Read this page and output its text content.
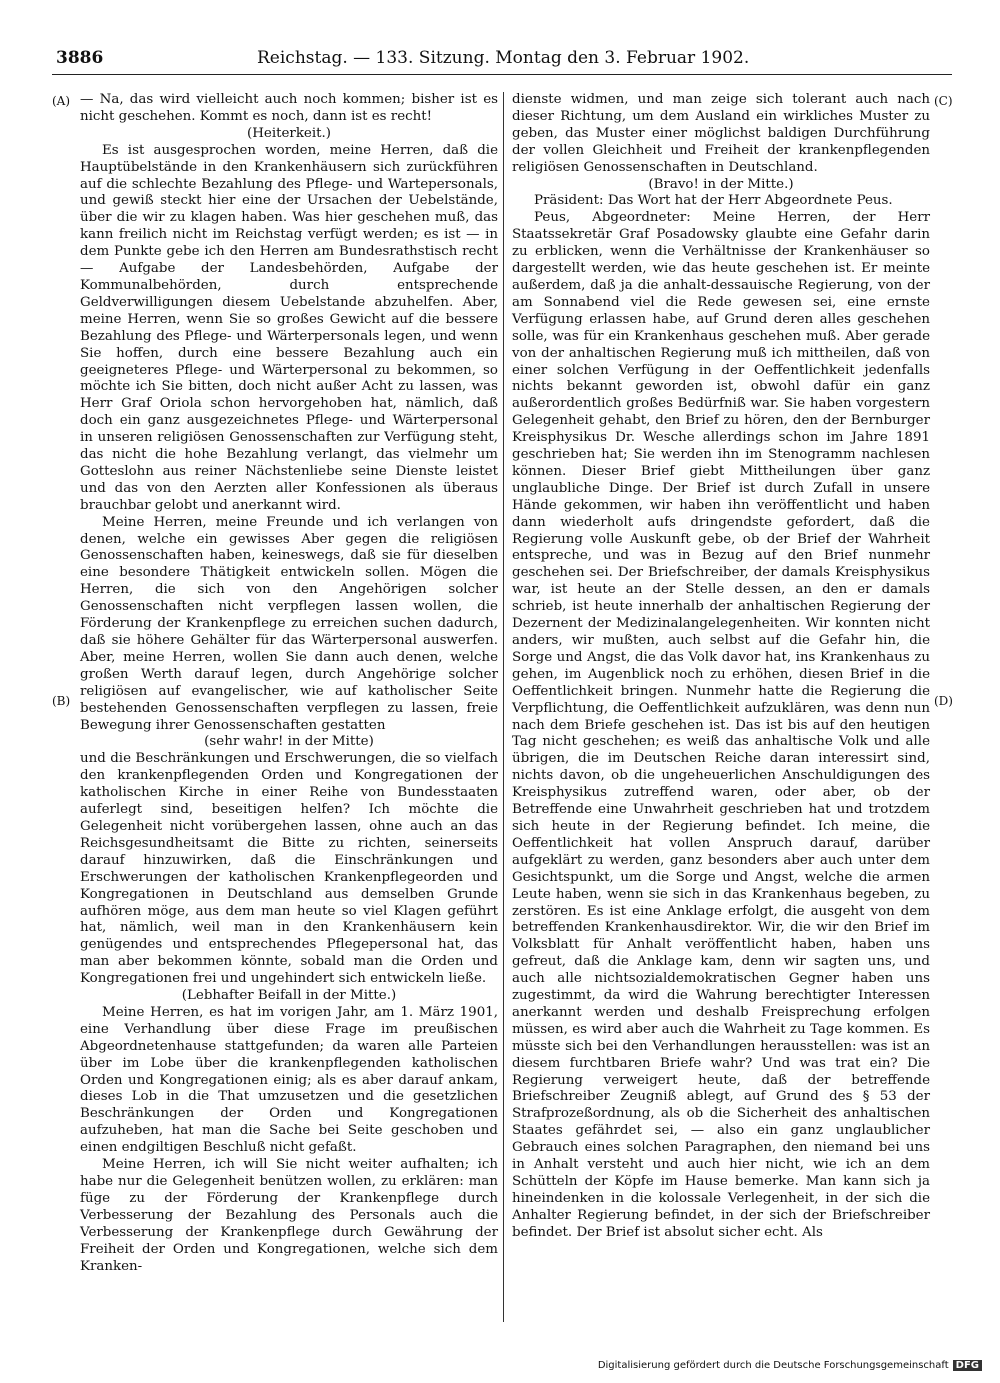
3886	Reichstag. — 133. Sitzung. Montag den 3. Februar 1902.
(A)
(B)
(C)
(D)

— Na, das wird vielleicht auch noch kommen; bisher ist es nicht geschehen. Kommt es noch, dann ist es recht!

(Heiterkeit.)

Es ist ausgesprochen worden, meine Herren, daß die Hauptübelstände in den Krankenhäusern sich zurückführen auf die schlechte Bezahlung des Pflege- und Wartepersonals, und gewiß steckt hier eine der Ursachen der Uebelstände, über die wir zu klagen haben. Was hier geschehen muß, das kann freilich nicht im Reichstag verfügt werden; es ist — in dem Punkte gebe ich den Herren am Bundesrathstisch recht — Aufgabe der Landesbehörden, Aufgabe der Kommunalbehörden, durch entsprechende Geldverwilligungen diesem Uebelstande abzuhelfen. Aber, meine Herren, wenn Sie so großes Gewicht auf die bessere Bezahlung des Pflege- und Wärterpersonals legen, und wenn Sie hoffen, durch eine bessere Bezahlung auch ein geeigneteres Pflege- und Wärterpersonal zu bekommen, so möchte ich Sie bitten, doch nicht außer Acht zu lassen, was Herr Graf Oriola schon hervorgehoben hat, nämlich, daß doch ein ganz ausgezeichnetes Pflege- und Wärterpersonal in unseren religiösen Genossenschaften zur Verfügung steht, das nicht die hohe Bezahlung verlangt, das vielmehr um Gotteslohn aus reiner Nächstenliebe seine Dienste leistet und das von den Aerzten aller Konfessionen als überaus brauchbar gelobt und anerkannt wird.

Meine Herren, meine Freunde und ich verlangen von denen, welche ein gewisses Aber gegen die religiösen Genossenschaften haben, keineswegs, daß sie für dieselben eine besondere Thätigkeit entwickeln sollen. Mögen die Herren, die sich von den Angehörigen solcher Genossenschaften nicht verpflegen lassen wollen, die Förderung der Krankenpflege zu erreichen suchen dadurch, daß sie höhere Gehälter für das Wärterpersonal auswerfen. Aber, meine Herren, wollen Sie dann auch denen, welche großen Werth darauf legen, durch Angehörige solcher religiösen auf evangelischer, wie auf katholischer Seite bestehenden Genossenschaften verpflegen zu lassen, freie Bewegung ihrer Genossenschaften gestatten

(sehr wahr! in der Mitte)

und die Beschränkungen und Erschwerungen, die so vielfach den krankenpflegenden Orden und Kongregationen der katholischen Kirche in einer Reihe von Bundesstaaten auferlegt sind, beseitigen helfen? Ich möchte die Gelegenheit nicht vorübergehen lassen, ohne auch an das Reichsgesundheitsamt die Bitte zu richten, seinerseits darauf hinzuwirken, daß die Einschränkungen und Erschwerungen der katholischen Krankenpflegeorden und Kongregationen in Deutschland aus demselben Grunde aufhören möge, aus dem man heute so viel Klagen geführt hat, nämlich, weil man in den Krankenhäusern kein genügendes und entsprechendes Pflegepersonal hat, das man aber bekommen könnte, sobald man die Orden und Kongregationen frei und ungehindert sich entwickeln ließe.

(Lebhafter Beifall in der Mitte.)

Meine Herren, es hat im vorigen Jahr, am 1. März 1901, eine Verhandlung über diese Frage im preußischen Abgeordnetenhause stattgefunden; da waren alle Parteien über im Lobe über die krankenpflegenden katholischen Orden und Kongregationen einig; als es aber darauf ankam, dieses Lob in die That umzusetzen und die gesetzlichen Beschränkungen der Orden und Kongregationen aufzuheben, hat man die Sache bei Seite geschoben und einen endgiltigen Beschluß nicht gefaßt.

Meine Herren, ich will Sie nicht weiter aufhalten; ich habe nur die Gelegenheit benützen wollen, zu erklären: man füge zu der Förderung der Krankenpflege durch Verbesserung der Bezahlung des Personals auch die Verbesserung der Krankenpflege durch Gewährung der Freiheit der Orden und Kongregationen, welche sich dem Kranken-

dienste widmen, und man zeige sich tolerant auch nach dieser Richtung, um dem Ausland ein wirkliches Muster zu geben, das Muster einer möglichst baldigen Durchführung der vollen Gleichheit und Freiheit der krankenpflegenden religiösen Genossenschaften in Deutschland.

(Bravo! in der Mitte.)

Präsident: Das Wort hat der Herr Abgeordnete Peus.

Peus, Abgeordneter: Meine Herren, der Herr Staatssekretär Graf Posadowsky glaubte eine Gefahr darin zu erblicken, wenn die Verhältnisse der Krankenhäuser so dargestellt werden, wie das heute geschehen ist. Er meinte außerdem, daß ja die anhalt-dessauische Regierung, von der am Sonnabend viel die Rede gewesen sei, eine ernste Verfügung erlassen habe, auf Grund deren alles geschehen solle, was für ein Krankenhaus geschehen muß. Aber gerade von der anhaltischen Regierung muß ich mittheilen, daß von einer solchen Verfügung in der Oeffentlichkeit jedenfalls nichts bekannt geworden ist, obwohl dafür ein ganz außerordentlich großes Bedürfniß war. Sie haben vorgestern Gelegenheit gehabt, den Brief zu hören, den der Bernburger Kreisphysikus Dr. Wesche allerdings schon im Jahre 1891 geschrieben hat; Sie werden ihn im Stenogramm nachlesen können. Dieser Brief giebt Mittheilungen über ganz unglaubliche Dinge. Der Brief ist durch Zufall in unsere Hände gekommen, wir haben ihn veröffentlicht und haben dann wiederholt aufs dringendste gefordert, daß die Regierung volle Auskunft gebe, ob der Brief der Wahrheit entspreche, und was in Bezug auf den Brief nunmehr geschehen sei. Der Briefschreiber, der damals Kreisphysikus war, ist heute an der Stelle dessen, an den er damals schrieb, ist heute innerhalb der anhaltischen Regierung der Dezernent der Medizinalangelegenheiten. Wir konnten nicht anders, wir mußten, auch selbst auf die Gefahr hin, die Sorge und Angst, die das Volk davor hat, ins Krankenhaus zu gehen, im Augenblick noch zu erhöhen, diesen Brief in die Oeffentlichkeit bringen. Nunmehr hatte die Regierung die Verpflichtung, die Oeffentlichkeit aufzuklären, was denn nun nach dem Briefe geschehen ist. Das ist bis auf den heutigen Tag nicht geschehen; es weiß das anhaltische Volk und alle übrigen, die im Deutschen Reiche daran interessirt sind, nichts davon, ob die ungeheuerlichen Anschuldigungen des Kreisphysikus zutreffend waren, oder aber, ob der Betreffende eine Unwahrheit geschrieben hat und trotzdem sich heute in der Regierung befindet. Ich meine, die Oeffentlichkeit hat vollen Anspruch darauf, darüber aufgeklärt zu werden, ganz besonders aber auch unter dem Gesichtspunkt, um die Sorge und Angst, welche die armen Leute haben, wenn sie sich in das Krankenhaus begeben, zu zerstören. Es ist eine Anklage erfolgt, die ausgeht von dem betreffenden Krankenhausdirektor. Wir, die wir den Brief im Volksblatt für Anhalt veröffentlicht haben, haben uns gefreut, daß die Anklage kam, denn wir sagten uns, und auch alle nichtsozialdemokratischen Gegner haben uns zugestimmt, da wird die Wahrung berechtigter Interessen anerkannt werden und deshalb Freisprechung erfolgen müssen, es wird aber auch die Wahrheit zu Tage kommen. Es müsste sich bei den Verhandlungen herausstellen: was ist an diesem furchtbaren Briefe wahr? Und was trat ein? Die Regierung verweigert heute, daß der betreffende Briefschreiber Zeugniß ablegt, auf Grund des § 53 der Strafprozeßordnung, als ob die Sicherheit des anhaltischen Staates gefährdet sei, — also ein ganz unglaublicher Gebrauch eines solchen Paragraphen, den niemand bei uns in Anhalt versteht und auch hier nicht, wie ich an dem Schütteln der Köpfe im Hause bemerke. Man kann sich ja hineindenken in die kolossale Verlegenheit, in der sich die Anhalter Regierung befindet, in der sich der Briefschreiber befindet. Der Brief ist absolut sicher echt. Als

Digitalisierung gefördert durch die Deutsche Forschungsgemeinschaft DFG
